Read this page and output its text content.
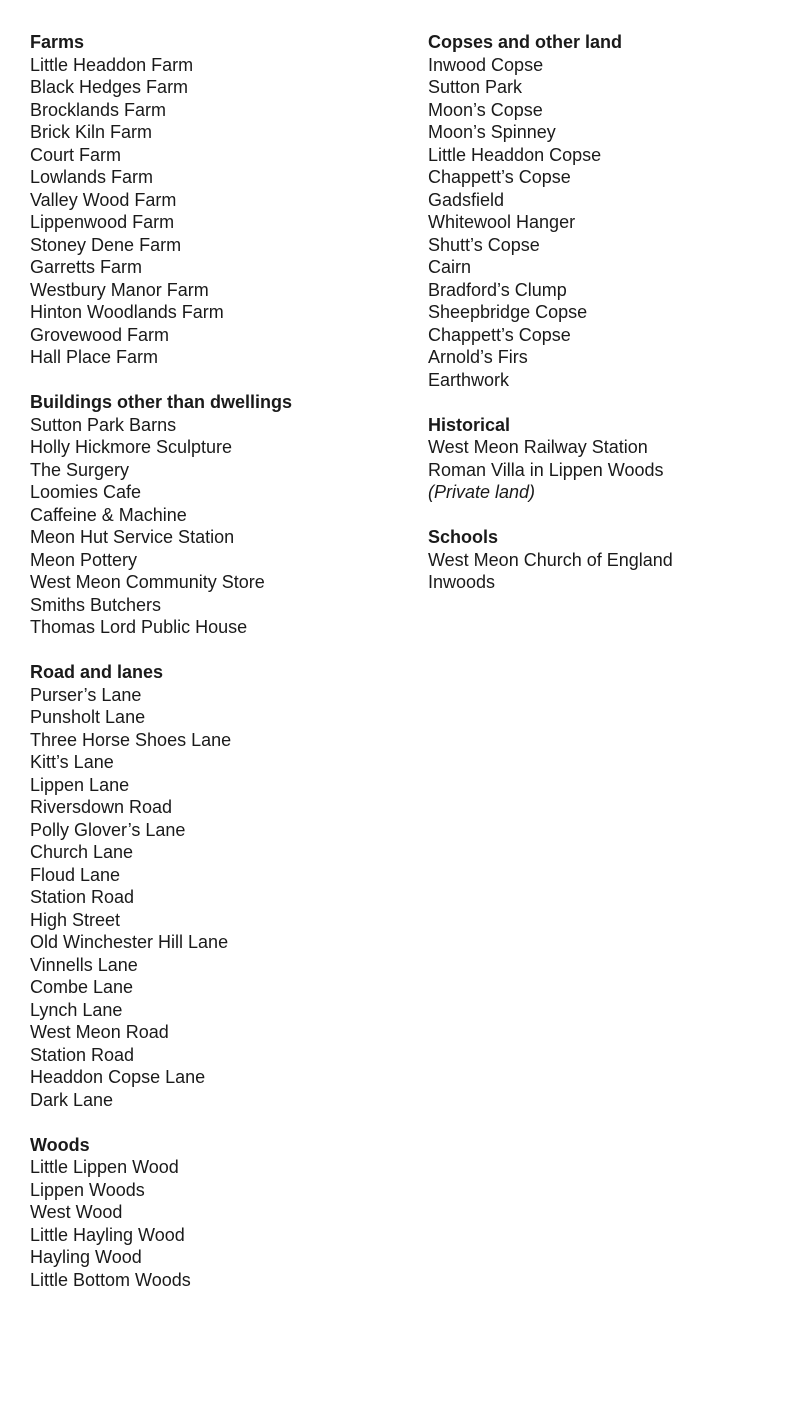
Farms
Little Headdon Farm
Black Hedges Farm
Brocklands Farm
Brick Kiln Farm
Court Farm
Lowlands Farm
Valley Wood Farm
Lippenwood Farm
Stoney Dene Farm
Garretts Farm
Westbury Manor Farm
Hinton Woodlands Farm
Grovewood Farm
Hall Place Farm
Buildings other than dwellings
Sutton Park Barns
Holly Hickmore Sculpture
The Surgery
Loomies Cafe
Caffeine & Machine
Meon Hut Service Station
Meon Pottery
West Meon Community Store
Smiths Butchers
Thomas Lord Public House
Road and lanes
Purser’s Lane
Punsholt Lane
Three Horse Shoes Lane
Kitt’s Lane
Lippen Lane
Riversdown Road
Polly Glover’s Lane
Church Lane
Floud Lane
Station Road
High Street
Old Winchester Hill Lane
Vinnells Lane
Combe Lane
Lynch Lane
West Meon Road
Station Road
Headdon Copse Lane
Dark Lane
Woods
Little Lippen Wood
Lippen Woods
West Wood
Little Hayling Wood
Hayling Wood
Little Bottom Woods
Copses and other land
Inwood Copse
Sutton Park
Moon’s Copse
Moon’s Spinney
Little Headdon Copse
Chappett’s Copse
Gadsfield
Whitewool Hanger
Shutt’s Copse
Cairn
Bradford’s Clump
Sheepbridge Copse
Chappett’s Copse
Arnold’s Firs
Earthwork
Historical
West Meon Railway Station
Roman Villa in Lippen Woods
(Private land)
Schools
West Meon Church of England
Inwoods
